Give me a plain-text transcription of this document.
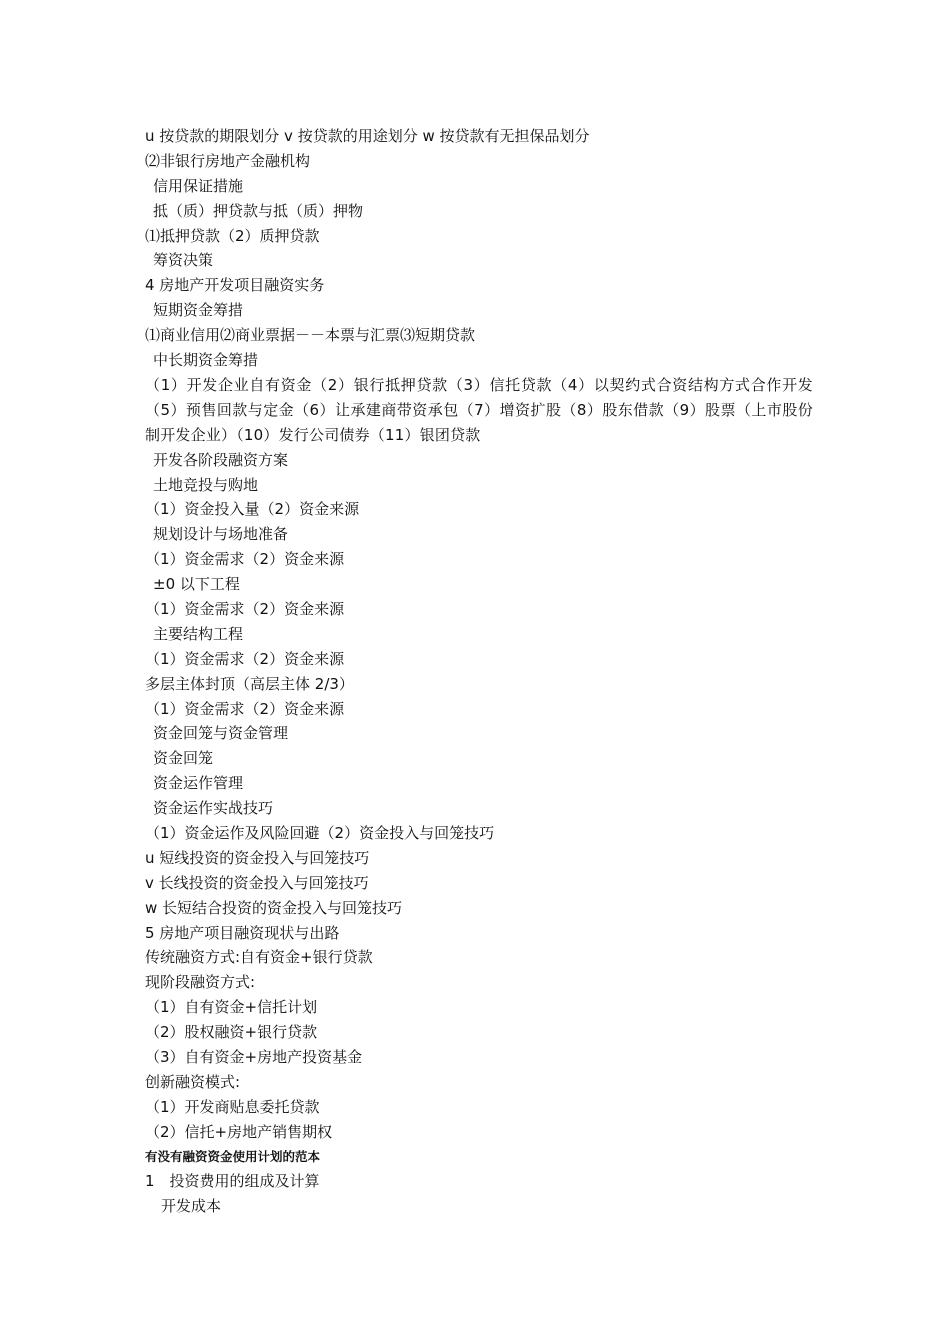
u 按贷款的期限划分 v 按贷款的用途划分 w 按贷款有无担保品划分
⑵非银行房地产金融机构
信用保证措施
抵（质）押贷款与抵（质）押物
⑴抵押贷款（2）质押贷款
筹资决策
4 房地产开发项目融资实务
短期资金筹措
⑴商业信用⑵商业票据－－本票与汇票⑶短期贷款
中长期资金筹措
（1）开发企业自有资金（2）银行抵押贷款（3）信托贷款（4）以契约式合资结构方式合作开发（5）预售回款与定金（6）让承建商带资承包（7）增资扩股（8）股东借款（9）股票（上市股份制开发企业）（10）发行公司债券（11）银团贷款
开发各阶段融资方案
土地竞投与购地
（1）资金投入量（2）资金来源
规划设计与场地准备
（1）资金需求（2）资金来源
±0 以下工程
（1）资金需求（2）资金来源
主要结构工程
（1）资金需求（2）资金来源
多层主体封顶（高层主体 2/3）
（1）资金需求（2）资金来源
资金回笼与资金管理
资金回笼
资金运作管理
资金运作实战技巧
（1）资金运作及风险回避（2）资金投入与回笼技巧
u 短线投资的资金投入与回笼技巧
v 长线投资的资金投入与回笼技巧
w 长短结合投资的资金投入与回笼技巧
5 房地产项目融资现状与出路
传统融资方式:自有资金+银行贷款
现阶段融资方式:
（1）自有资金+信托计划
（2）股权融资+银行贷款
（3）自有资金+房地产投资基金
创新融资模式:
（1）开发商贴息委托贷款
（2）信托+房地产销售期权
有没有融资资金使用计划的范本
1　投资费用的组成及计算
开发成本
